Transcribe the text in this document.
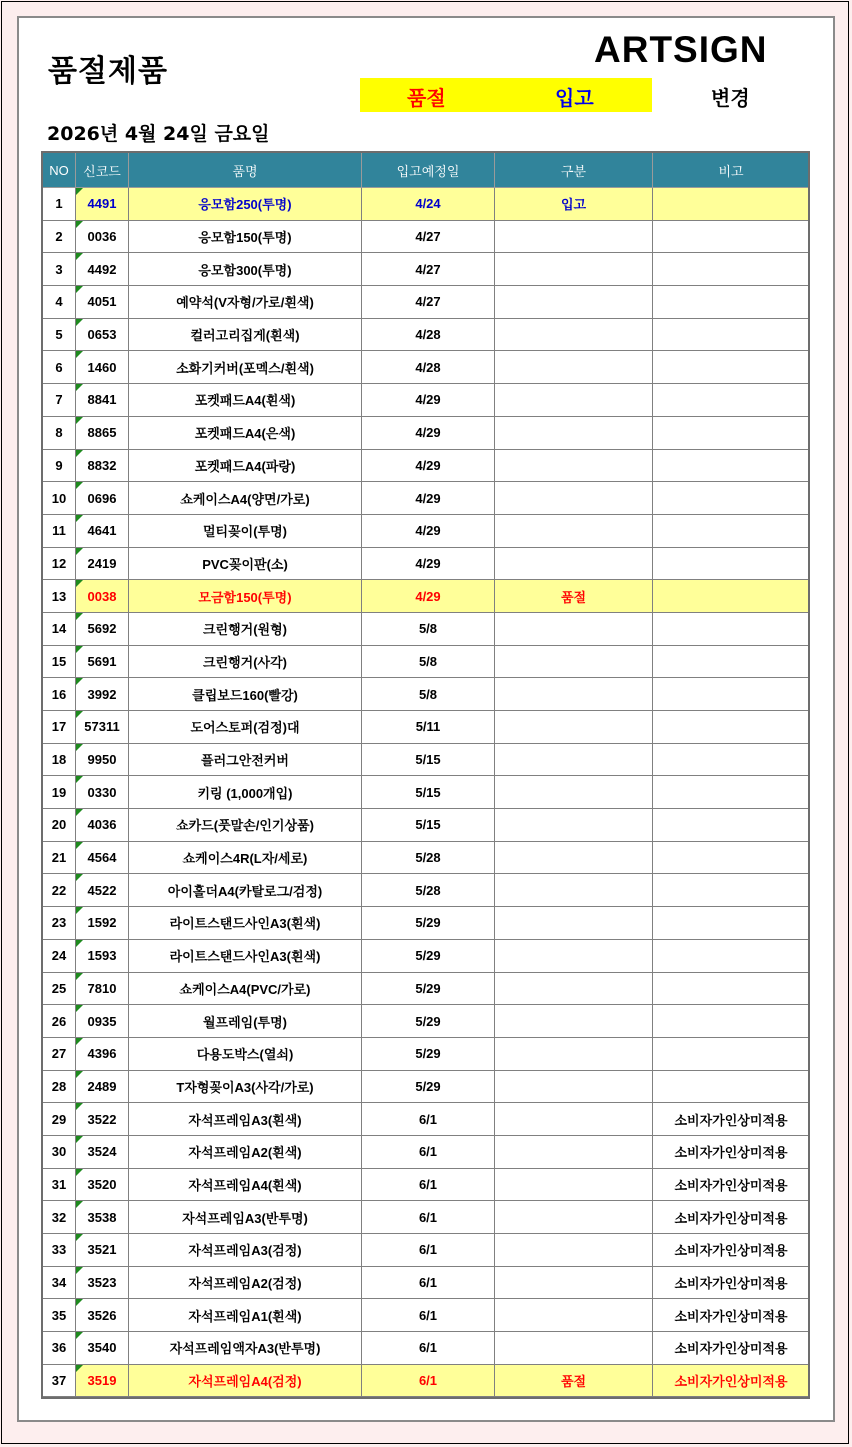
품절제품
ARTSIGN
품절	입고	변경
2026년 4월 24일 금요일
NO	신코드	품명	입고예정일	구분	비고
1	4491	응모함250(투명)	4/24	입고	
2	0036	응모함150(투명)	4/27		
3	4492	응모함300(투명)	4/27		
4	4051	예약석(V자형/가로/흰색)	4/27		
5	0653	컬러고리집게(흰색)	4/28		
6	1460	소화기커버(포멕스/흰색)	4/28		
7	8841	포켓패드A4(흰색)	4/29		
8	8865	포켓패드A4(은색)	4/29		
9	8832	포켓패드A4(파랑)	4/29		
10	0696	쇼케이스A4(양면/가로)	4/29		
11	4641	멀티꽂이(투명)	4/29		
12	2419	PVC꽂이판(소)	4/29		
13	0038	모금함150(투명)	4/29	품절	
14	5692	크린행거(원형)	5/8		
15	5691	크린행거(사각)	5/8		
16	3992	클립보드160(빨강)	5/8		
17	57311	도어스토퍼(검정)대	5/11		
18	9950	플러그안전커버	5/15		
19	0330	키링 (1,000개입)	5/15		
20	4036	쇼카드(풋말손/인기상품)	5/15		
21	4564	쇼케이스4R(L자/세로)	5/28		
22	4522	아이홀더A4(카탈로그/검정)	5/28		
23	1592	라이트스탠드사인A3(흰색)	5/29		
24	1593	라이트스탠드사인A3(흰색)	5/29		
25	7810	쇼케이스A4(PVC/가로)	5/29		
26	0935	월프레임(투명)	5/29		
27	4396	다용도박스(열쇠)	5/29		
28	2489	T자형꽂이A3(사각/가로)	5/29		
29	3522	자석프레임A3(흰색)	6/1		소비자가인상미적용
30	3524	자석프레임A2(흰색)	6/1		소비자가인상미적용
31	3520	자석프레임A4(흰색)	6/1		소비자가인상미적용
32	3538	자석프레임A3(반투명)	6/1		소비자가인상미적용
33	3521	자석프레임A3(검정)	6/1		소비자가인상미적용
34	3523	자석프레임A2(검정)	6/1		소비자가인상미적용
35	3526	자석프레임A1(흰색)	6/1		소비자가인상미적용
36	3540	자석프레임액자A3(반투명)	6/1		소비자가인상미적용
37	3519	자석프레임A4(검정)	6/1	품절	소비자가인상미적용
